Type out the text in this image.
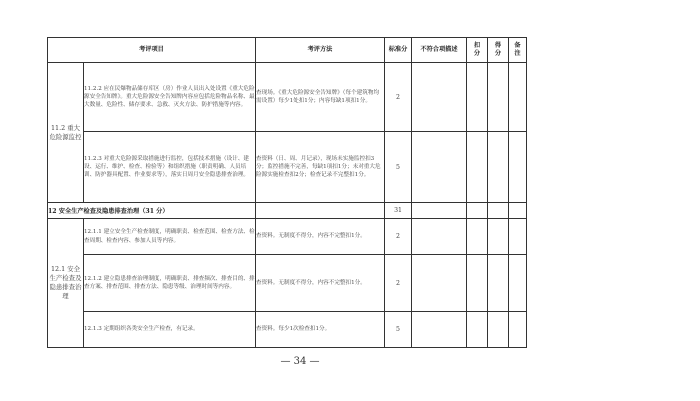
考评项目		考评方法	标准分	不符合项描述	扣分	得分	备注
11.2 重大危险源监控	11.2.2 应在民爆物品储存库区（房）作业人员出入处设置《重大危险源安全告知牌》。重大危险源安全告知牌内容应包括危险物品名称、最大数量、危险性、储存要求、急救、灭火方法、防护措施等内容。	查现场。《重大危险源安全告知牌》（每个建筑物均需设置）每少1处扣1分；内容每缺1项扣1分。	2				
	11.2.3 对重大危险源采取措施进行监控，包括技术措施（设计、建设、运行、维护、检查、检验等）和组织措施（职责明确、人员培训、防护器具配置、作业要求等），落实日周月安全隐患排查治理。	查资料（日、周、月记录），现场未实施监控扣3分；监控措施不完善，每缺1项扣1分；未对重大危险源实施检查扣2分；检查记录不完整扣1分。	5				
12 安全生产检查及隐患排查治理（31 分）			31				
12.1 安全生产检查及隐患排查治理	12.1.1 建立安全生产检查制度，明确职责、检查范围、检查方法、检查周期、检查内容、参加人员等内容。	查资料。无制度不得分，内容不完整扣1分。	2				
	12.1.2 建立隐患排查治理制度，明确职责、排查频次、排查目的、排查方案、排查范围、排查方法、隐患等级、治理时间等内容。	查资料。无制度不得分，内容不完整扣1分。	2				
	12.1.3 定期组织各类安全生产检查，有记录。	查资料。每少1次检查扣1分。	5				
— 34 —
